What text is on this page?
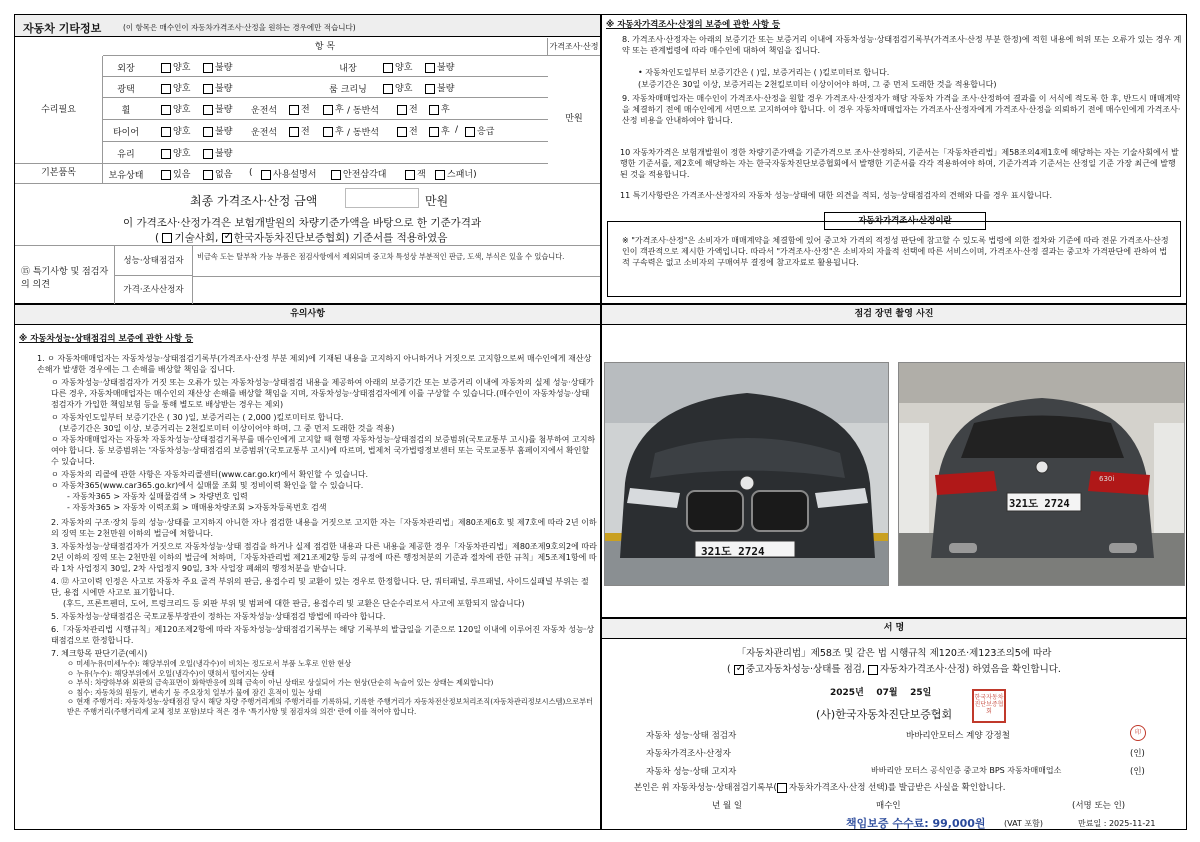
자동차 기타정보	(이 항목은 매수인이 자동차가격조사·산정을 원하는 경우에만 적습니다)
항 목	가격조사·산정
수리필요
만원
외장	양호	불량	내장	양호	불량
광택	양호	불량	룸 크리닝	양호	불량
휠	양호	불량 운전석	전	후 / 동반석	전	후
타이어	양호	불량 운전석	전	후 / 동반석	전	후 /	응급
유리	양호	불량
기본품목	보유상태	있음	없음 (	사용설명서	안전삼각대	잭	스패너)
최종 가격조사·산정 금액	만원
이 가격조사·산정가격은 보험개발원의 차량기준가액을 바탕으로 한 기준가격과
( 기술사회, ✓ 한국자동차진단보증협회) 기준서를 적용하였음
⑮ 특기사항 및 점검자의 의견
성능·상태점검자	비금속 도는 탈부착 가능 부품은 점검사항에서 제외되며 중고차 특성상 부분적인 판금, 도색, 부식은 있을 수 있습니다.
가격·조사산정자
※ 자동차가격조사·산정의 보증에 관한 사항 등
8. 가격조사·산정자는 아래의 보증기간 또는 보증거리 이내에 자동차성능·상태점검기록부(가격조사·산정 부분 한정)에 적힌 내용에 허위 또는 오류가 있는 경우 계약 또는 관계법령에 따라 매수인에 대하여 책임을 집니다.
• 자동차인도일부터 보증기간은 ( )일, 보증거리는 ( )킬로미터로 합니다.
(보증기간은 30일 이상, 보증거리는 2천킬로미터 이상이어야 하며, 그 중 먼저 도래한 것을 적용합니다)
9. 자동차매매업자는 매수인이 가격조사·산정을 원할 경우 가격조사·산정자가 해당 자동차 가격을 조사·산정하여 결과를 이 서식에 적도록 한 후, 반드시 매매계약을 체결하기 전에 매수인에게 서면으로 고지하여야 합니다. 이 경우 자동차매매업자는 가격조사·산정자에게 가격조사·산정을 의뢰하기 전에 매수인에게 가격조사·산정 비용을 안내하여야 합니다.
10 자동차가격은 보험개발원이 정한 차량기준가액을 기준가격으로 조사·산정하되, 기준서는「자동차관리법」제58조의4제1호에 해당하는 자는 기술사회에서 발행한 기준서를, 제2호에 해당하는 자는 한국자동차진단보증협회에서 발행한 기준서를 각각 적용하여야 하며, 기준가격과 기준서는 산정일 기준 가장 최근에 발행된 것을 적용합니다.
11 특기사항란은 가격조사·산정자의 자동차 성능·상태에 대한 의견을 적되, 성능·상태점검자의 견해와 다를 경우 표시합니다.
자동차가격조사·산정이란
※ "가격조사·산정"은 소비자가 매매계약을 체결함에 있어 중고차 가격의 적정성 판단에 참고할 수 있도록 법령에 의한 절차와 기준에 따라 전문 가격조사·산정인이 객관적으로 제시한 가액입니다. 따라서 "가격조사·산정"은 소비자의 자율적 선택에 따른 서비스이며, 가격조사·산정 결과는 중고차 가격판단에 관하여 법적 구속력은 없고 소비자의 구매여부 결정에 참고자료로 활용됩니다.
유의사항
※ 자동차성능·상태점검의 보증에 관한 사항 등
1. ㅇ 자동차매매업자는 자동차성능·상태점검기록부(가격조사·산정 부분 제외)에 기재된 내용을 고지하지 아니하거나 거짓으로 고지함으로써 매수인에게 재산상 손해가 발생한 경우에는 그 손해를 배상할 책임을 집니다.
ㅇ 자동차성능·상태점검자가 거짓 또는 오류가 있는 자동차성능·상태점검 내용을 제공하여 아래의 보증기간 또는 보증거리 이내에 자동차의 실제 성능·상태가 다른 경우, 자동차매매업자는 매수인의 재산상 손해를 배상할 책임을 지며, 자동차성능·상태점검자에게 이를 구상할 수 있습니다.(매수인이 자동차성능·상태점검자가 가입한 책임보험 등을 통해 별도로 배상받는 경우는 제외)
ㅇ 자동차인도일부터 보증기간은 ( 30 )일, 보증거리는 ( 2,000 )킬로미터로 합니다.
(보증기간은 30일 이상, 보증거리는 2천킬로미터 이상이어야 하며, 그 중 먼저 도래한 것을 적용)
ㅇ 자동차매매업자는 자동차 자동차성능·상태점검기록부를 매수인에게 고지할 때 현행 자동차성능·상태점검의 보증범위(국토교통부 고시)를 첨부하여 고지하여야 합니다. 동 보증범위는 '자동차성능·상태점검의 보증범위'(국토교통부 고시)에 따르며, 법제처 국가법령정보센터 또는 국토교통부 홈페이지에서 확인할 수 있습니다.
ㅇ 자동차의 리콜에 관한 사항은 자동차리콜센터(www.car.go.kr)에서 확인할 수 있습니다.
ㅇ 자동차365(www.car365.go.kr)에서 실매물 조회 및 정비이력 확인을 할 수 있습니다.
- 자동차365 > 자동차 실매물검색 > 차량번호 입력
- 자동차365 > 자동차 이력조회 > 매매용차량조회 >자동차등록번호 검색
2. 자동차의 구조·장치 등의 성능·상태를 고지하지 아니한 자나 점검한 내용을 거짓으로 고지한 자는「자동차관리법」제80조제6호 및 제7호에 따라 2년 이하의 징역 또는 2천만원 이하의 벌금에 처합니다.
3. 자동차성능·상태점검자가 거짓으로 자동차성능·상태 점검을 하거나 실제 점검한 내용과 다른 내용을 제공한 경우「자동차관리법」제80조제9호의2에 따라 2년 이하의 징역 또는 2천만원 이하의 벌금에 처하며,「자동차관리법 제21조제2항 등의 규정에 따른 행정처분의 기준과 절차에 관한 규칙」제5조제1항에 따라 1차 사업정지 30일, 2차 사업정지 90일, 3차 사업장 폐쇄의 행정처분을 받습니다.
4. ⑫ 사고이력 인정은 사고로 자동차 주요 골격 부위의 판금, 용접수리 및 교환이 있는 경우로 한정합니다. 단, 쿼터패널, 루프패널, 사이드실패널 부위는 절단, 용접 시에만 사고로 표기합니다.
(후드, 프론트펜더, 도어, 트렁크리드 등 외판 부위 및 범퍼에 대한 판금, 용접수리 및 교환은 단순수리로서 사고에 포함되지 않습니다)
5. 자동차성능·상태점검은 국토교통부장관이 정하는 자동차성능·상태점검 방법에 따라야 합니다.
6.「자동차관리법 시행규칙」제120조제2항에 따라 자동차성능·상태점검기록부는 해당 기록부의 발급일을 기준으로 120일 이내에 이루어진 자동차 성능·상태점검으로 한정합니다.
7. 체크항목 판단기준(예시)
ㅇ 미세누유(미세누수): 해당부위에 오일(냉각수)이 비치는 정도로서 부품 노후로 인한 현상
ㅇ 누유(누수): 해당부위에서 오일(냉각수)이 맺혀서 떨어지는 상태
ㅇ 부식: 차량하부와 외판의 금속표면이 화학반응에 의해 금속이 아닌 상태로 상실되어 가는 현상(단순히 녹슬어 있는 상태는 제외합니다)
ㅇ 침수: 자동차의 원동기, 변속기 등 주요장치 일부가 물에 잠긴 흔적이 있는 상태
ㅇ 현재 주행거리: 자동차성능·상태점검 당시 해당 차량 주행거리계의 주행거리를 기록하되, 기록한 주행거리가 자동차전산정보처리조직(자동차관리정보시스템)으로부터 받은 주행거리(주행거리계 교체 정보 포함)보다 적은 경우 '특기사항 및 점검자의 의견' 란에 이를 적어야 합니다.
점검 장면 촬영 사진
321도 2724
321도 2724
630i
서 명
「자동차관리법」제58조 및 같은 법 시행규칙 제120조·제123조의5에 따라
( ✓중고자동차성능·상태를 점검, 자동차가격조사·산정) 하였음을 확인합니다.
2025년 07월 25일
(사)한국자동차진단보증협회
한국자동차진단보증협회
자동차 성능·상태 점검자	바바리안모터스 계양 강정철	印
자동차가격조사·산정자	(인)
자동차 성능·상태 고지자	바바리안 모터스 공식인증 중고차 BPS 자동차매매업소	(인)
본인은 위 자동차성능·상태점검기록부( 자동차가격조사·산정 선택)를 발급받은 사실을 확인합니다.
년 월 일	매수인	(서명 또는 인)
책임보증 수수료: 99,000원 (VAT 포함)	만료일 : 2025-11-21
